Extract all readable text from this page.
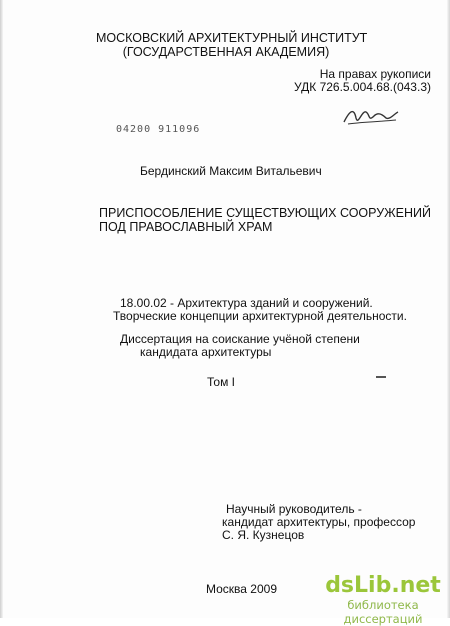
МОСКОВСКИЙ АРХИТЕКТУРНЫЙ ИНСТИТУТ
(ГОСУДАРСТВЕННАЯ АКАДЕМИЯ)
На правах рукописи
УДК 726.5.004.68.(043.3)
04200 911096
Бердинский Максим Витальевич
ПРИСПОСОБЛЕНИЕ СУЩЕСТВУЮЩИХ СООРУЖЕНИЙ
ПОД ПРАВОСЛАВНЫЙ ХРАМ
18.00.02 - Архитектура зданий и сооружений.
Творческие концепции архитектурной деятельности.
Диссертация на соискание учёной степени
кандидата архитектуры
Том I
Научный руководитель -
кандидат архитектуры, профессор
С. Я. Кузнецов
Москва 2009 dsLib.net
библиотека диссертаций
